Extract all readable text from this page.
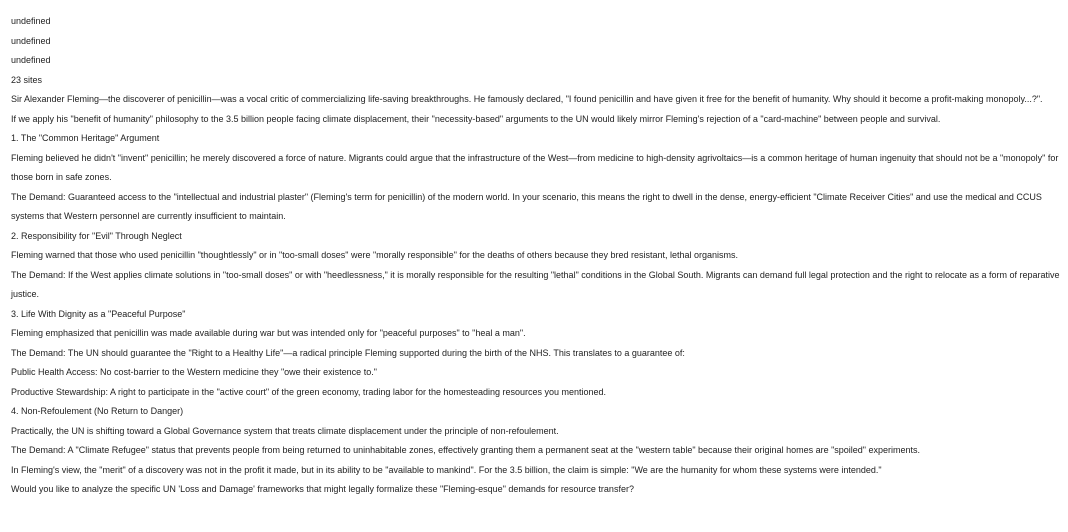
undefined

undefined

undefined

23 sites

Sir Alexander Fleming—the discoverer of penicillin—was a vocal critic of commercializing life-saving breakthroughs. He famously declared, "I found penicillin and have given it free for the benefit of humanity. Why should it become a profit-making monopoly...?".

If we apply his "benefit of humanity" philosophy to the 3.5 billion people facing climate displacement, their "necessity-based" arguments to the UN would likely mirror Fleming's rejection of a "card-machine" between people and survival.

1. The "Common Heritage" Argument

Fleming believed he didn't "invent" penicillin; he merely discovered a force of nature. Migrants could argue that the infrastructure of the West—from medicine to high-density agrivoltaics—is a common heritage of human ingenuity that should not be a "monopoly" for those born in safe zones.

The Demand: Guaranteed access to the "intellectual and industrial plaster" (Fleming's term for penicillin) of the modern world. In your scenario, this means the right to dwell in the dense, energy-efficient "Climate Receiver Cities" and use the medical and CCUS systems that Western personnel are currently insufficient to maintain.

2. Responsibility for "Evil" Through Neglect

Fleming warned that those who used penicillin "thoughtlessly" or in "too-small doses" were "morally responsible" for the deaths of others because they bred resistant, lethal organisms.

The Demand: If the West applies climate solutions in "too-small doses" or with "heedlessness," it is morally responsible for the resulting "lethal" conditions in the Global South. Migrants can demand full legal protection and the right to relocate as a form of reparative justice.

3. Life With Dignity as a "Peaceful Purpose"

Fleming emphasized that penicillin was made available during war but was intended only for "peaceful purposes" to "heal a man".

The Demand: The UN should guarantee the "Right to a Healthy Life"—a radical principle Fleming supported during the birth of the NHS. This translates to a guarantee of:

Public Health Access: No cost-barrier to the Western medicine they "owe their existence to."

Productive Stewardship: A right to participate in the "active court" of the green economy, trading labor for the homesteading resources you mentioned.

4. Non-Refoulement (No Return to Danger)

Practically, the UN is shifting toward a Global Governance system that treats climate displacement under the principle of non-refoulement.

The Demand: A "Climate Refugee" status that prevents people from being returned to uninhabitable zones, effectively granting them a permanent seat at the "western table" because their original homes are "spoiled" experiments.

In Fleming's view, the "merit" of a discovery was not in the profit it made, but in its ability to be "available to mankind". For the 3.5 billion, the claim is simple: "We are the humanity for whom these systems were intended."

Would you like to analyze the specific UN 'Loss and Damage' frameworks that might legally formalize these "Fleming-esque" demands for resource transfer?
